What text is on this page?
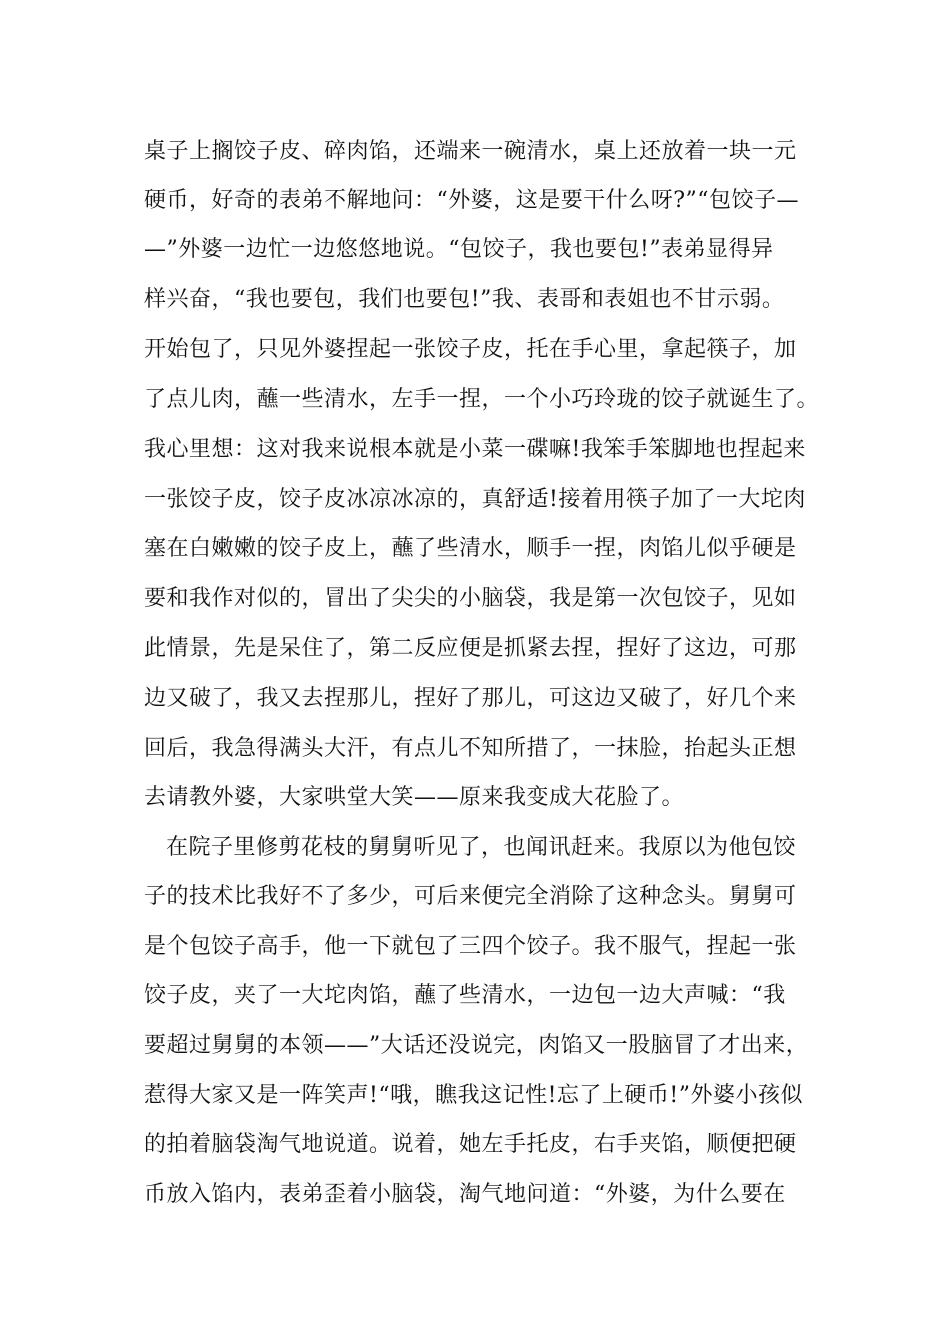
桌子上搁饺子皮、碎肉馅，还端来一碗清水，桌上还放着一块一元
硬币，好奇的表弟不解地问：“外婆，这是要干什么呀?”“包饺子—
—”外婆一边忙一边悠悠地说。“包饺子，我也要包!”表弟显得异
样兴奋，“我也要包，我们也要包!”我、表哥和表姐也不甘示弱。
开始包了，只见外婆捏起一张饺子皮，托在手心里，拿起筷子，加
了点儿肉，蘸一些清水，左手一捏，一个小巧玲珑的饺子就诞生了。
我心里想：这对我来说根本就是小菜一碟嘛!我笨手笨脚地也捏起来
一张饺子皮，饺子皮冰凉冰凉的，真舒适!接着用筷子加了一大坨肉
塞在白嫩嫩的饺子皮上，蘸了些清水，顺手一捏，肉馅儿似乎硬是
要和我作对似的，冒出了尖尖的小脑袋，我是第一次包饺子，见如
此情景，先是呆住了，第二反应便是抓紧去捏，捏好了这边，可那
边又破了，我又去捏那儿，捏好了那儿，可这边又破了，好几个来
回后，我急得满头大汗，有点儿不知所措了，一抹脸，抬起头正想
去请教外婆，大家哄堂大笑——原来我变成大花脸了。
在院子里修剪花枝的舅舅听见了，也闻讯赶来。我原以为他包饺
子的技术比我好不了多少，可后来便完全消除了这种念头。舅舅可
是个包饺子高手，他一下就包了三四个饺子。我不服气，捏起一张
饺子皮，夹了一大坨肉馅，蘸了些清水，一边包一边大声喊：“我
要超过舅舅的本领——”大话还没说完，肉馅又一股脑冒了才出来，
惹得大家又是一阵笑声!“哦，瞧我这记性!忘了上硬币!”外婆小孩似
的拍着脑袋淘气地说道。说着，她左手托皮，右手夹馅，顺便把硬
币放入馅内，表弟歪着小脑袋，淘气地问道：“外婆，为什么要在
